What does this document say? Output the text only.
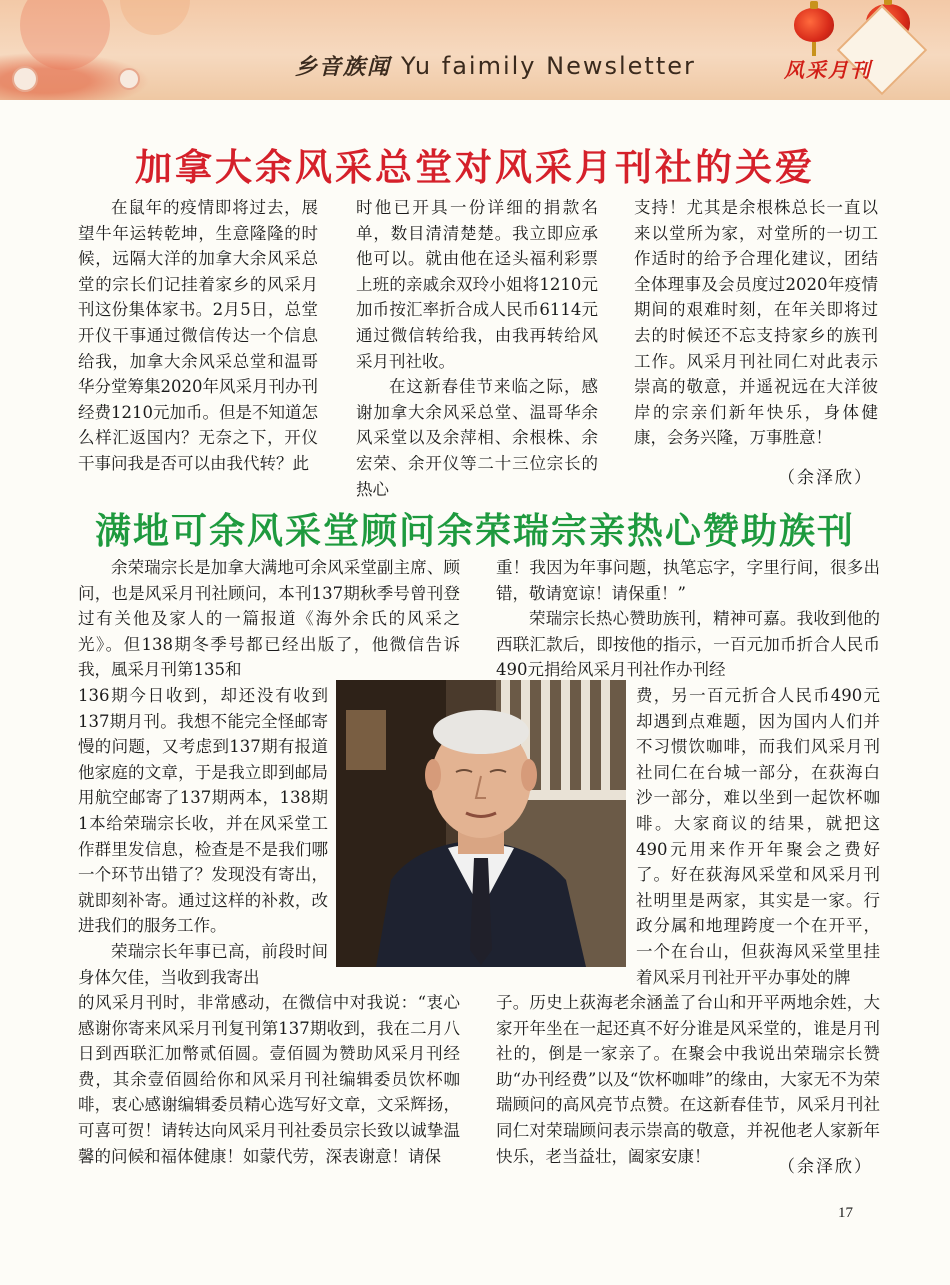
乡音族闻 Yu faimily Newsletter	风采月刊
加拿大余风采总堂对风采月刊社的关爱

在鼠年的疫情即将过去，展望牛年运转乾坤，生意隆隆的时候，远隔大洋的加拿大余风采总堂的宗长们记挂着家乡的风采月刊这份集体家书。2月5日，总堂开仪干事通过微信传达一个信息给我，加拿大余风采总堂和温哥华分堂筹集2020年风采月刊办刊经费1210元加币。但是不知道怎么样汇返国内？无奈之下，开仪干事问我是否可以由我代转？此

时他已开具一份详细的捐款名单，数目清清楚楚。我立即应承他可以。就由他在迳头福利彩票上班的亲戚余双玲小姐将1210元加币按汇率折合成人民币6114元通过微信转给我，由我再转给风采月刊社收。

在这新春佳节来临之际，感谢加拿大余风采总堂、温哥华余风采堂以及余萍相、余根株、余宏荣、余开仪等二十三位宗长的热心

支持！尤其是余根株总长一直以来以堂所为家，对堂所的一切工作适时的给予合理化建议，团结全体理事及会员度过2020年疫情期间的艰难时刻，在年关即将过去的时候还不忘支持家乡的族刊工作。风采月刊社同仁对此表示崇高的敬意，并遥祝远在大洋彼岸的宗亲们新年快乐，身体健康，会务兴隆，万事胜意！

（余泽欣）
满地可余风采堂顾问余荣瑞宗亲热心赞助族刊

余荣瑞宗长是加拿大满地可余风采堂副主席、顾问，也是风采月刊社顾问，本刊137期秋季号曾刊登过有关他及家人的一篇报道《海外余氏的风采之光》。但138期冬季号都已经出版了，他微信告诉我，風采月刊第135和

136期今日收到，却还没有收到137期月刊。我想不能完全怪邮寄慢的问题，又考虑到137期有报道他家庭的文章，于是我立即到邮局用航空邮寄了137期两本，138期1本给荣瑞宗长收，并在风采堂工作群里发信息，检查是不是我们哪一个环节出错了？发现没有寄出，就即刻补寄。通过这样的补救，改进我们的服务工作。

荣瑞宗长年事已高，前段时间身体欠佳，当收到我寄出

的风采月刊时，非常感动，在微信中对我说：“衷心感谢你寄来风采月刊复刊第137期收到，我在二月八日到西联汇加幣贰佰圆。壹佰圆为赞助风采月刊经费，其余壹佰圆给你和风采月刊社编辑委员饮杯咖啡，衷心感谢编辑委员精心选写好文章，文采辉扬，可喜可贺！请转达向风采月刊社委员宗长致以诚挚温馨的问候和福体健康！如蒙代劳，深表谢意！请保

重！我因为年事问题，执笔忘字，字里行间，很多出错，敬请宽谅！请保重！”

荣瑞宗长热心赞助族刊，精神可嘉。我收到他的西联汇款后，即按他的指示，一百元加币折合人民币490元捐给风采月刊社作办刊经

费，另一百元折合人民币490元却遇到点难题，因为国内人们并不习惯饮咖啡，而我们风采月刊社同仁在台城一部分，在荻海白沙一部分，难以坐到一起饮杯咖啡。大家商议的结果，就把这490元用来作开年聚会之费好了。好在荻海风采堂和风采月刊社明里是两家，其实是一家。行政分属和地理跨度一个在开平，一个在台山，但荻海风采堂里挂着风采月刊社开平办事处的牌

子。历史上荻海老余涵盖了台山和开平两地余姓，大家开年坐在一起还真不好分谁是风采堂的，谁是月刊社的，倒是一家亲了。在聚会中我说出荣瑞宗长赞助“办刊经费”以及“饮杯咖啡”的缘由，大家无不为荣瑞顾问的高风亮节点赞。在这新春佳节，风采月刊社同仁对荣瑞顾问表示崇高的敬意，并祝他老人家新年快乐，老当益壮，阖家安康！

（余泽欣）
17
